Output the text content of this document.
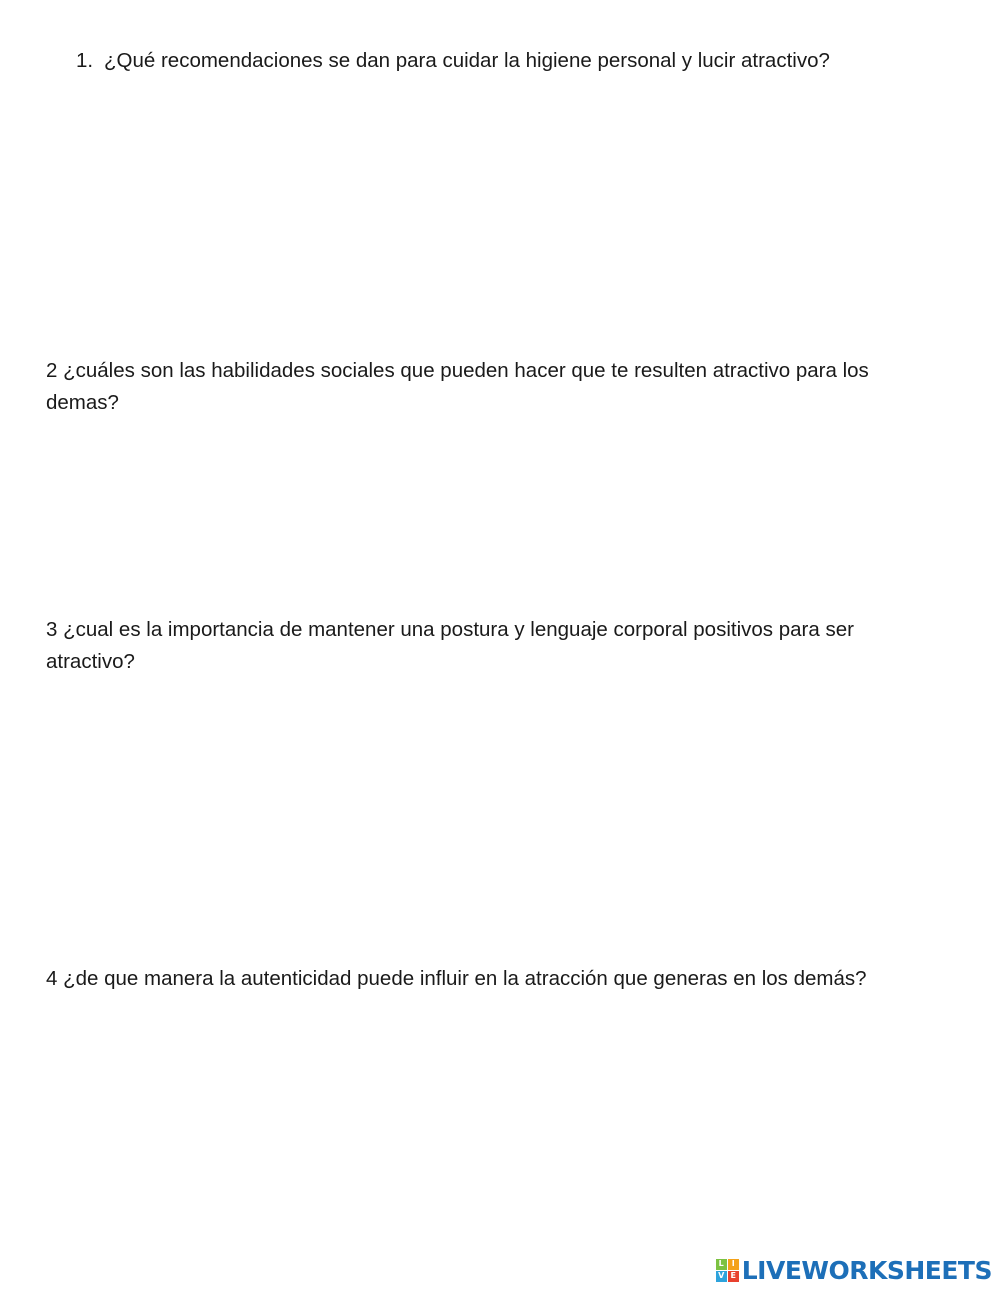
1. ¿Qué recomendaciones se dan para cuidar la higiene personal y lucir atractivo?

2 ¿cuáles son las habilidades sociales que pueden hacer que te resulten atractivo para los demas?

3 ¿cual es la importancia de mantener una postura y lenguaje corporal positivos para ser atractivo?

4 ¿de que manera la autenticidad puede influir en la atracción que generas en los demás?

L I
V E LIVEWORKSHEETS
